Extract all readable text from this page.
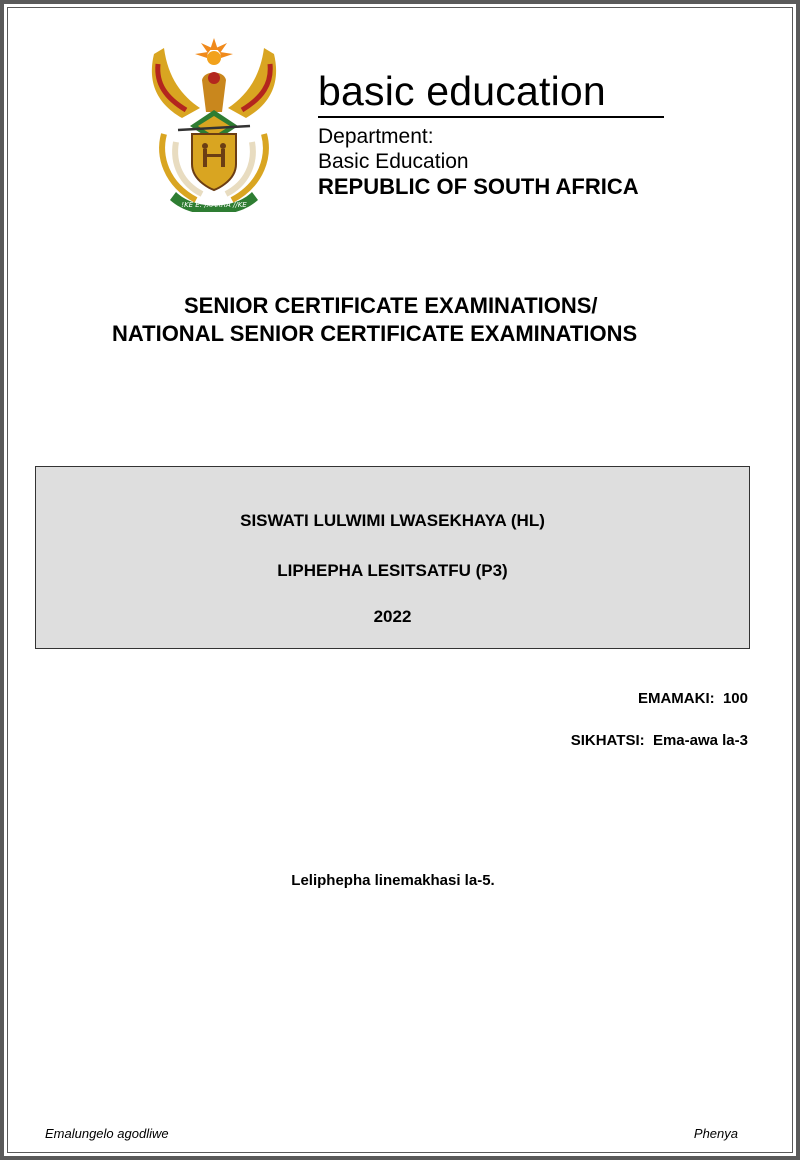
!KE E: /XARRA //KE
basic education
Department:
Basic Education
REPUBLIC OF SOUTH AFRICA
SENIOR CERTIFICATE EXAMINATIONS/
NATIONAL SENIOR CERTIFICATE EXAMINATIONS
SISWATI LULWIMI LWASEKHAYA (HL)
LIPHEPHA LESITSATFU (P3)
2022
EMAMAKI:  100
SIKHATSI:  Ema-awa la-3
Leliphepha linemakhasi la-5.
Emalungelo agodliwe	Phenya
